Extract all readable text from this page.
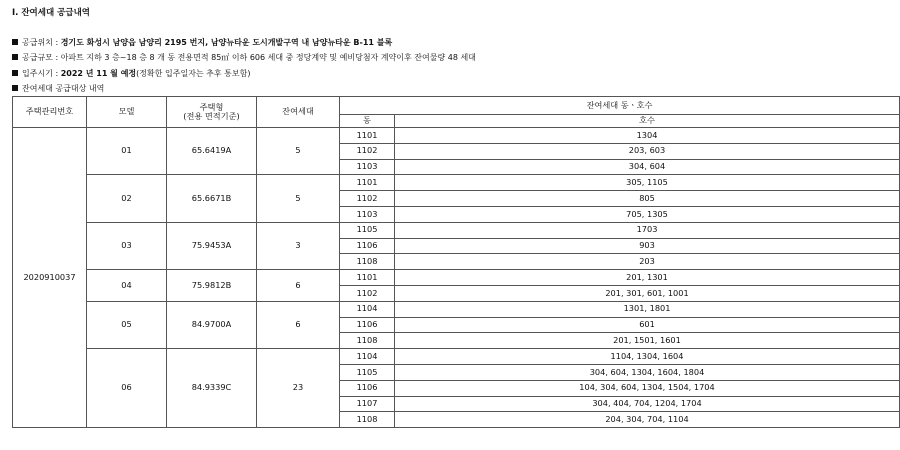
I. 잔여세대 공급내역
공급위치 : 경기도 화성시 남양읍 남양리 2195 번지, 남양뉴타운 도시개발구역 내 남양뉴타운 B-11 블록
공급규모 : 아파트 지하 3 층~18 층 8 개 동 전용면적 85㎡ 이하 606 세대 중 정당계약 및 예비당첨자 계약이후 잔여물량 48 세대
입주시기 : 2022 년 11 월 예정(정확한 입주일자는 추후 통보함)
잔여세대 공급대상 내역
주택관리번호	모델	주택형
(전용 면적기준)	잔여세대	잔여세대 동ㆍ호수	
				동	호수
2020910037	01	65.6419A	5	1101	1304
				1102	203, 603
				1103	304, 604
	02	65.6671B	5	1101	305, 1105
				1102	805
				1103	705, 1305
	03	75.9453A	3	1105	1703
				1106	903
				1108	203
	04	75.9812B	6	1101	201, 1301
				1102	201, 301, 601, 1001
	05	84.9700A	6	1104	1301, 1801
				1106	601
				1108	201, 1501, 1601
	06	84.9339C	23	1104	1104, 1304, 1604
				1105	304, 604, 1304, 1604, 1804
				1106	104, 304, 604, 1304, 1504, 1704
				1107	304, 404, 704, 1204, 1704
				1108	204, 304, 704, 1104
